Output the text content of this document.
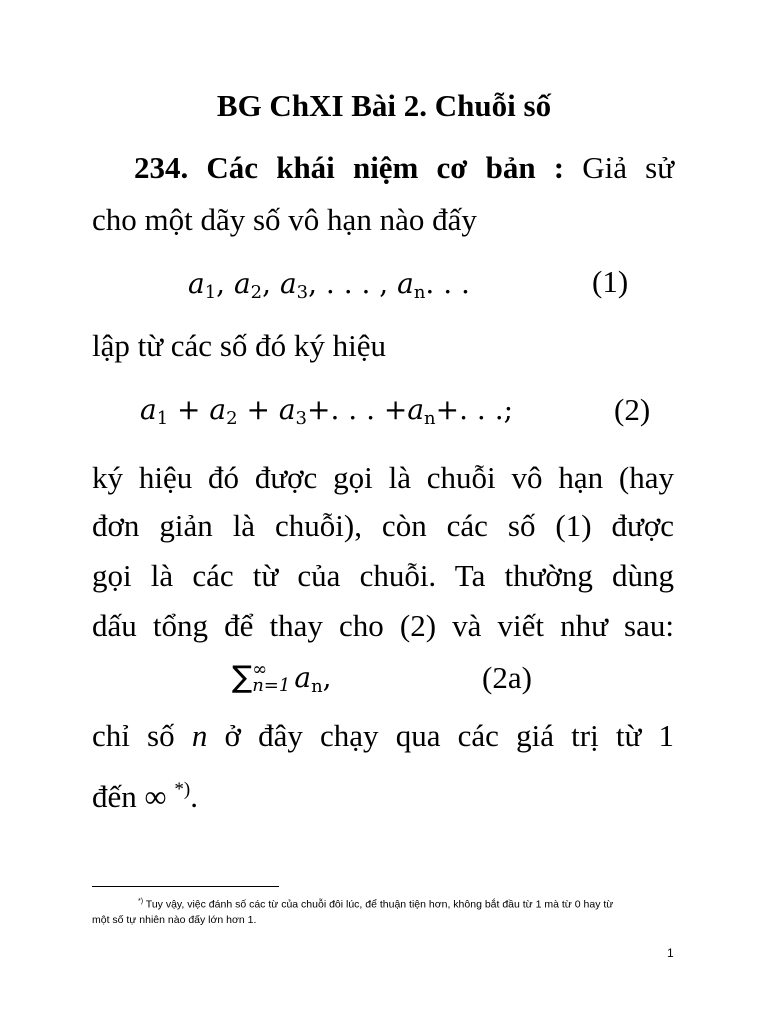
BG ChXI Bài 2. Chuỗi số
234. Các khái niệm cơ bản : Giả sử
cho một dãy số vô hạn nào đấy
$a_1$, $a_2$, $a_3$, . . . , $a_n$. . .	(1)
lập từ các số đó ký hiệu
$a_1 + a_2 + a_3+$. . . $+a_n+$. . .;	(2)
ký hiệu đó được gọi là chuỗi vô hạn (hay
đơn giản là chuỗi), còn các số (1) được
gọi là các từ của chuỗi. Ta thường dùng
dấu tổng để thay cho (2) và viết như sau:
∑ ∞
n=1 $a_n$,	(2a)
chỉ số n ở đây chạy qua các giá trị từ 1
đến ∞ *).
*) Tuy vậy, việc đánh số các từ của chuỗi đôi lúc, để thuận tiện hơn, không bắt đầu từ 1 mà từ 0 hay từ
một số tự nhiên nào đấy lớn hơn 1.
1
